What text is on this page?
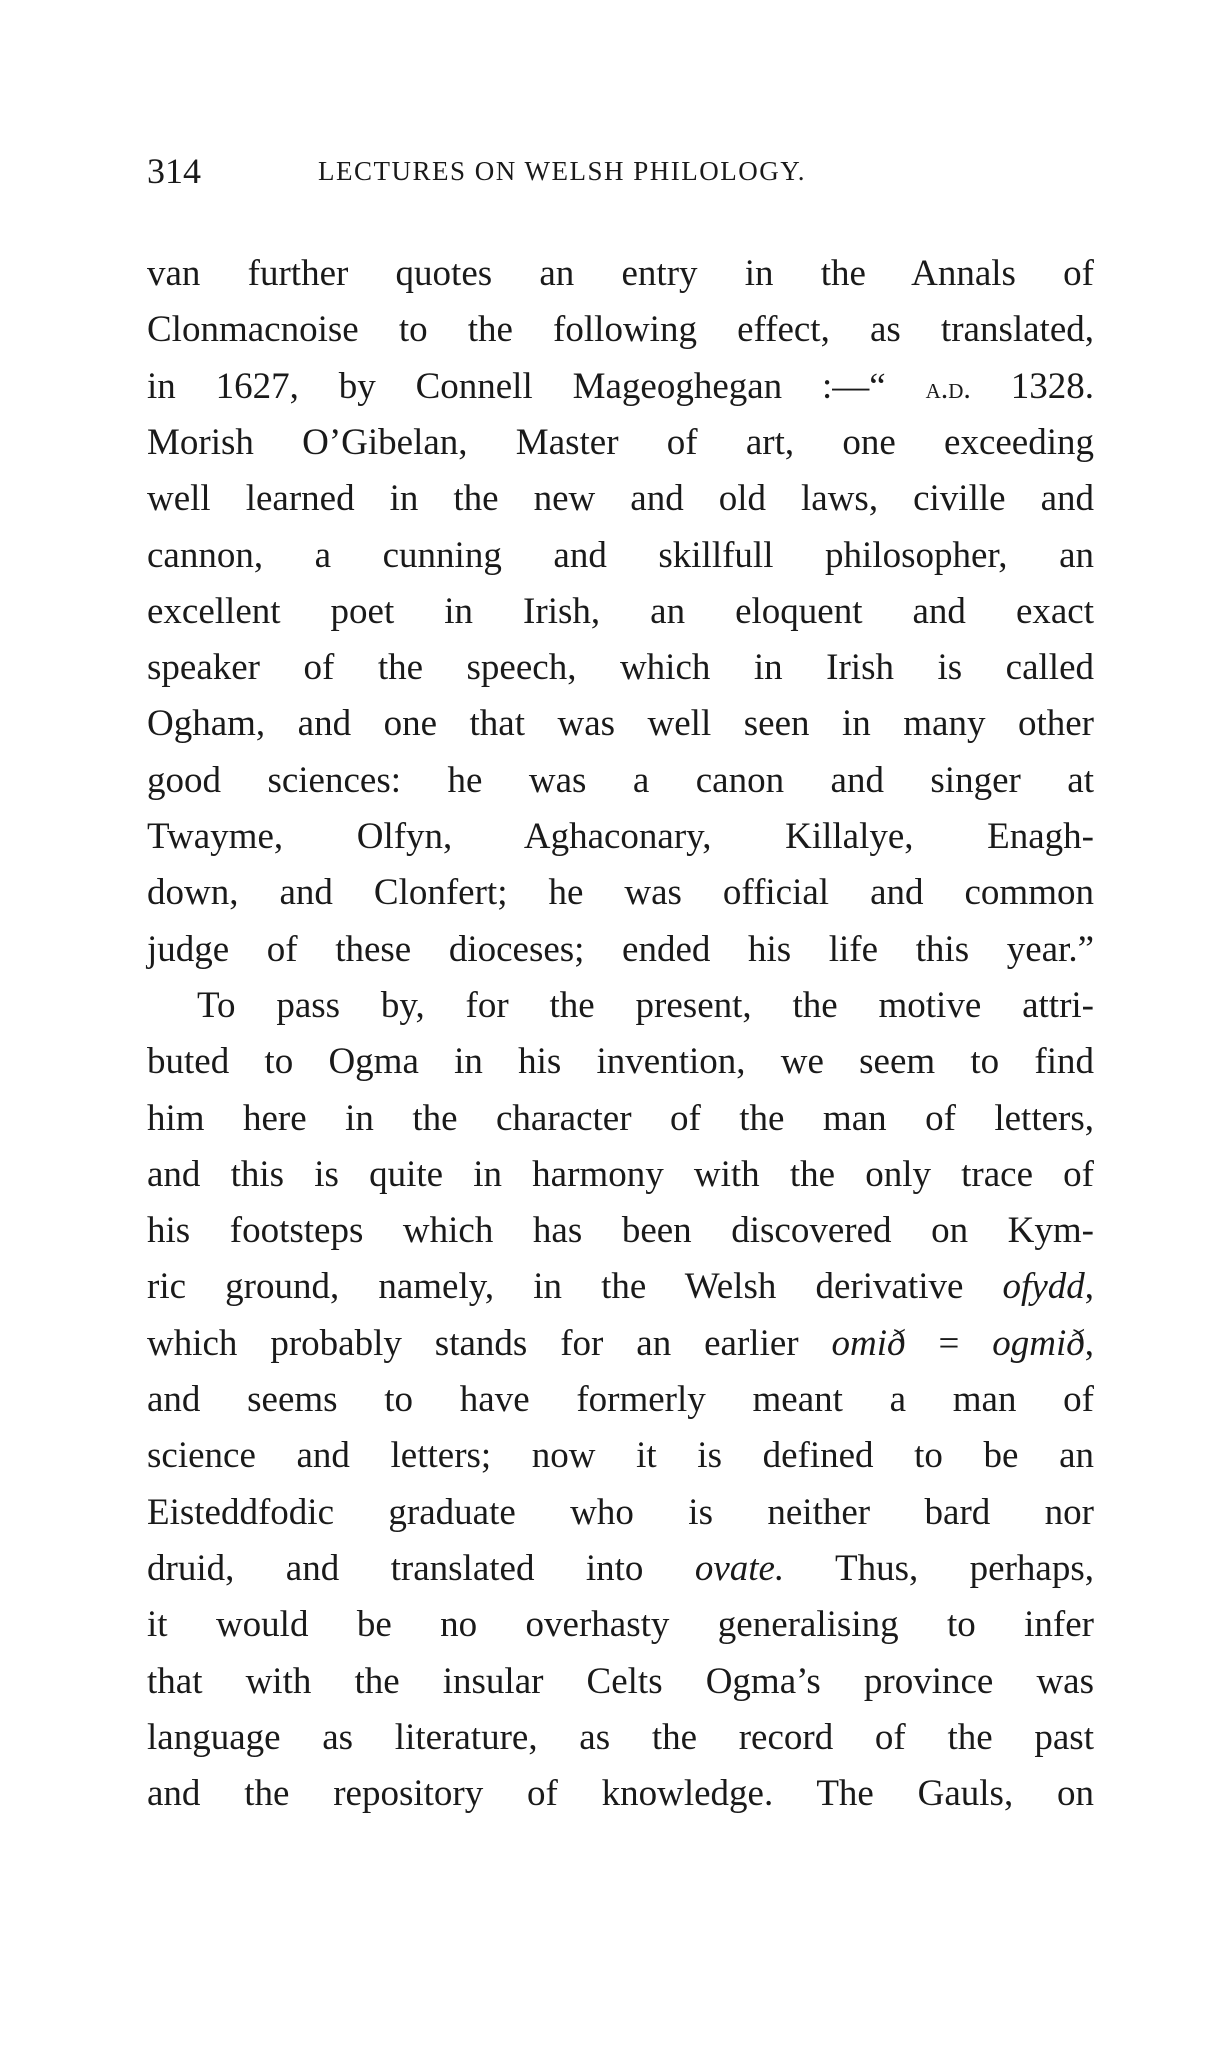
314	LECTURES ON WELSH PHILOLOGY.
van further quotes an entry in the Annals of
Clonmacnoise to the following effect, as translated,
in 1627, by Connell Mageoghegan :—“ a.d. 1328.
Morish O’Gibelan, Master of art, one exceeding
well learned in the new and old laws, civille and
cannon, a cunning and skillfull philosopher, an
excellent poet in Irish, an eloquent and exact
speaker of the speech, which in Irish is called
Ogham, and one that was well seen in many other
good sciences: he was a canon and singer at
Twayme, Olfyn, Aghaconary, Killalye, Enagh-
down, and Clonfert; he was official and common
judge of these dioceses; ended his life this year.”
To pass by, for the present, the motive attri-
buted to Ogma in his invention, we seem to find
him here in the character of the man of letters,
and this is quite in harmony with the only trace of
his footsteps which has been discovered on Kym-
ric ground, namely, in the Welsh derivative ofydd,
which probably stands for an earlier omið = ogmið,
and seems to have formerly meant a man of
science and letters; now it is defined to be an
Eisteddfodic graduate who is neither bard nor
druid, and translated into ovate. Thus, perhaps,
it would be no overhasty generalising to infer
that with the insular Celts Ogma’s province was
language as literature, as the record of the past
and the repository of knowledge. The Gauls, on
